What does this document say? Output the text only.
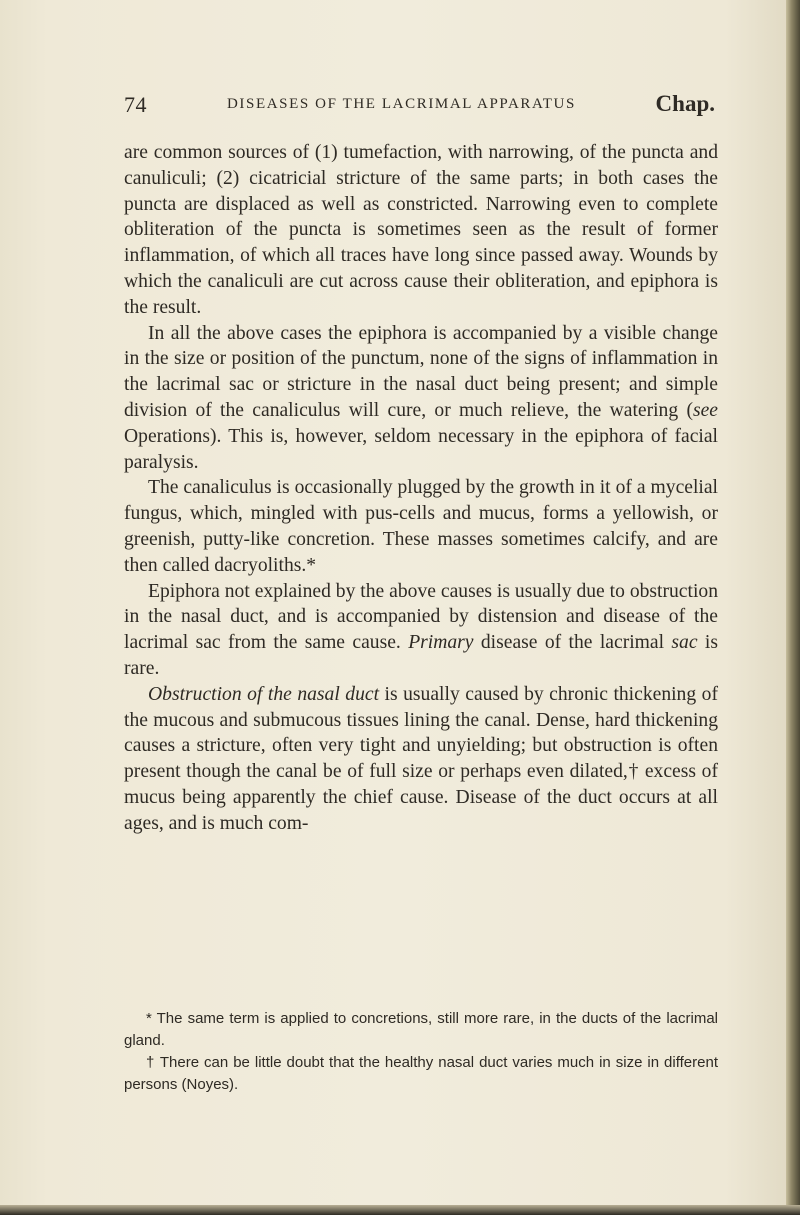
74	DISEASES OF THE LACRIMAL APPARATUS	Chap.

are common sources of (1) tumefaction, with narrowing, of the puncta and canuliculi; (2) cicatricial stricture of the same parts; in both cases the puncta are displaced as well as constricted. Narrowing even to complete obliteration of the puncta is sometimes seen as the result of former inflammation, of which all traces have long since passed away. Wounds by which the canaliculi are cut across cause their obliteration, and epiphora is the result.

In all the above cases the epiphora is accompanied by a visible change in the size or position of the punctum, none of the signs of inflammation in the lacrimal sac or stricture in the nasal duct being present; and simple division of the canaliculus will cure, or much relieve, the watering (see Operations). This is, however, seldom necessary in the epiphora of facial paralysis.

The canaliculus is occasionally plugged by the growth in it of a mycelial fungus, which, mingled with pus-cells and mucus, forms a yellowish, or greenish, putty-like concretion. These masses sometimes calcify, and are then called dacryoliths.*

Epiphora not explained by the above causes is usually due to obstruction in the nasal duct, and is accompanied by distension and disease of the lacrimal sac from the same cause. Primary disease of the lacrimal sac is rare.

Obstruction of the nasal duct is usually caused by chronic thickening of the mucous and submucous tissues lining the canal. Dense, hard thickening causes a stricture, often very tight and unyielding; but obstruction is often present though the canal be of full size or perhaps even dilated,† excess of mucus being apparently the chief cause. Disease of the duct occurs at all ages, and is much com-

* The same term is applied to concretions, still more rare, in the ducts of the lacrimal gland.

† There can be little doubt that the healthy nasal duct varies much in size in different persons (Noyes).
